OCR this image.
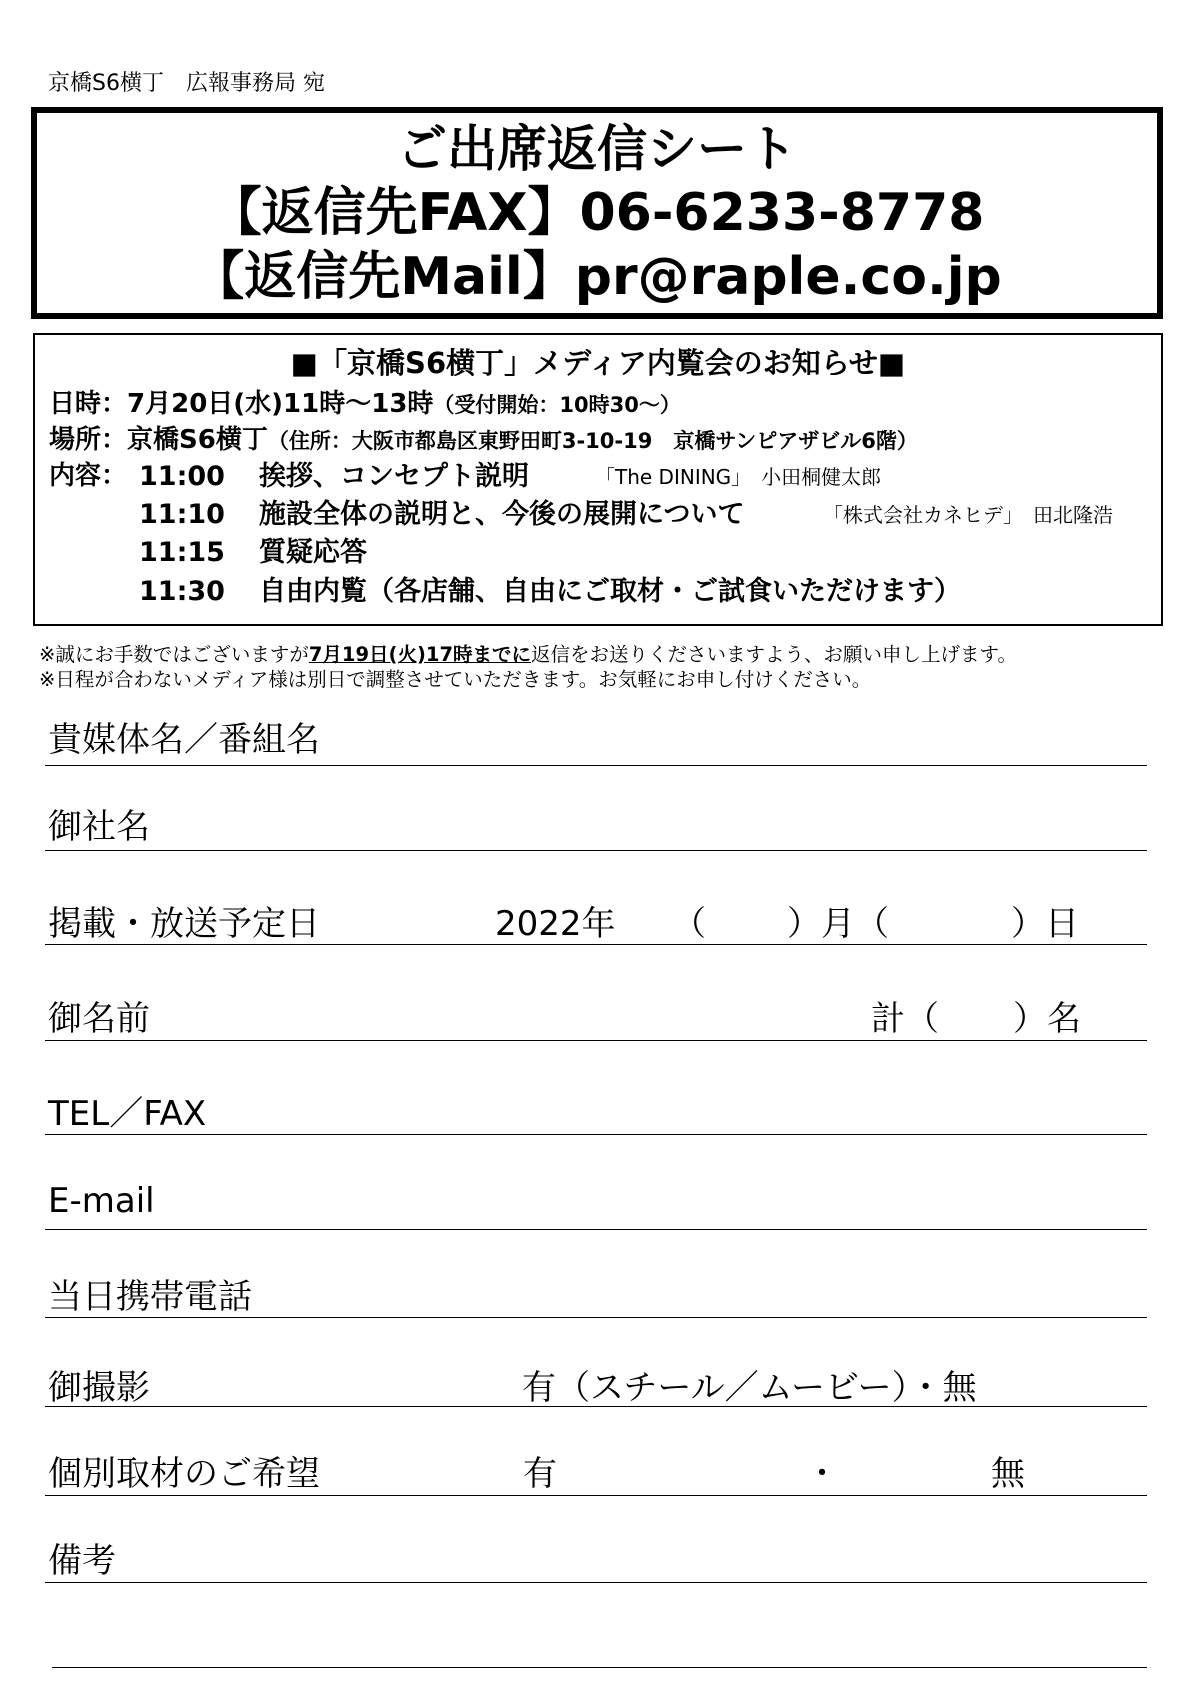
京橋S6横丁　広報事務局 宛
ご出席返信シート
【返信先FAX】06-6233-8778
【返信先Mail】pr@raple.co.jp
■「京橋S6横丁」メディア内覧会のお知らせ■
日時：7月20日(水)11時～13時（受付開始：10時30～）
場所：京橋S6横丁（住所：大阪市都島区東野田町3-10-19　京橋サンピアザビル6階）
内容： 11:00 挨拶、コンセプト説明	「The DINING」　小田桐健太郎
11:10 施設全体の説明と、今後の展開について	「株式会社カネヒデ」　田北隆浩
11:15 質疑応答
11:30 自由内覧（各店舗、自由にご取材・ご試食いただけます）
※誠にお手数ではございますが7月19日(火)17時までに返信をお送りくださいますよう、お願い申し上げます。
※日程が合わないメディア様は別日で調整させていただきます。お気軽にお申し付けください。
貴媒体名／番組名
御社名
掲載・放送予定日	2022年 （ ）月（	）日
御名前	計（ ）名
TEL／FAX
E-mail
当日携帯電話
御撮影	有（スチール／ムービー）・無
個別取材のご希望	有	・	無
備考
